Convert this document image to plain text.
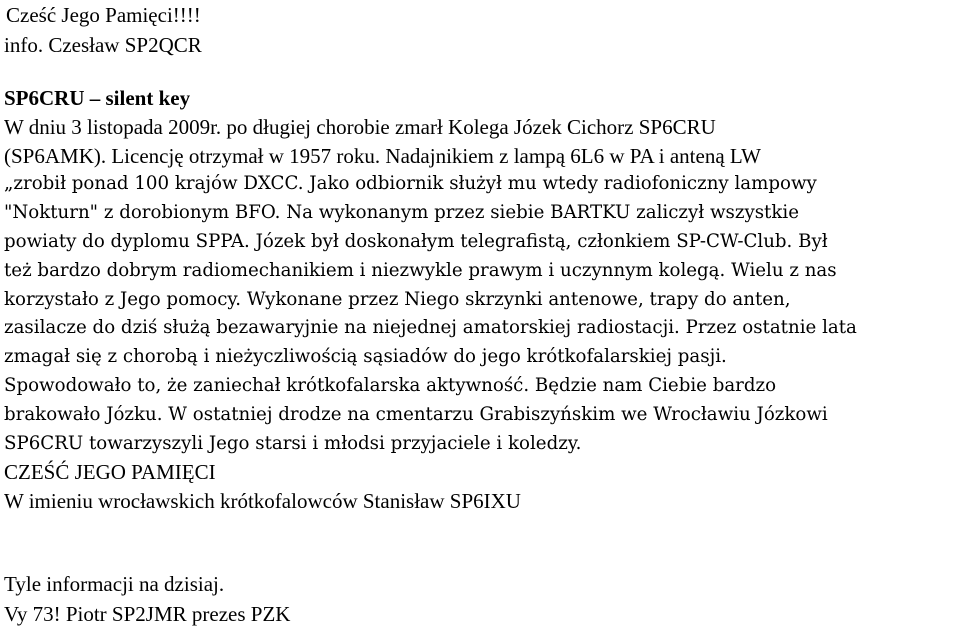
Cześć Jego Pamięci!!!!
info. Czesław SP2QCR
SP6CRU – silent key
W dniu 3 listopada 2009r. po długiej chorobie zmarł Kolega Józek Cichorz SP6CRU
(SP6AMK). Licencję otrzymał w 1957 roku. Nadajnikiem z lampą 6L6 w PA i anteną LW
„zrobił ponad 100 krajów DXCC. Jako odbiornik służył mu wtedy radiofoniczny lampowy
"Nokturn" z dorobionym BFO. Na wykonanym przez siebie BARTKU zaliczył wszystkie
powiaty do dyplomu SPPA. Józek był doskonałym telegrafistą, członkiem SP-CW-Club. Był
też bardzo dobrym radiomechanikiem i niezwykle prawym i uczynnym kolegą. Wielu z nas
korzystało z Jego pomocy. Wykonane przez Niego skrzynki antenowe, trapy do anten,
zasilacze do dziś służą bezawaryjnie na niejednej amatorskiej radiostacji. Przez ostatnie lata
zmagał się z chorobą i nieżyczliwością sąsiadów do jego krótkofalarskiej pasji.
Spowodowało to, że zaniechał krótkofalarska aktywność. Będzie nam Ciebie bardzo
brakowało Józku. W ostatniej drodze na cmentarzu Grabiszyńskim we Wrocławiu Józkowi
SP6CRU towarzyszyli Jego starsi i młodsi przyjaciele i koledzy.
CZEŚĆ JEGO PAMIĘCI
W imieniu wrocławskich krótkofalowców Stanisław SP6IXU
Tyle informacji na dzisiaj.
Vy 73! Piotr SP2JMR prezes PZK
